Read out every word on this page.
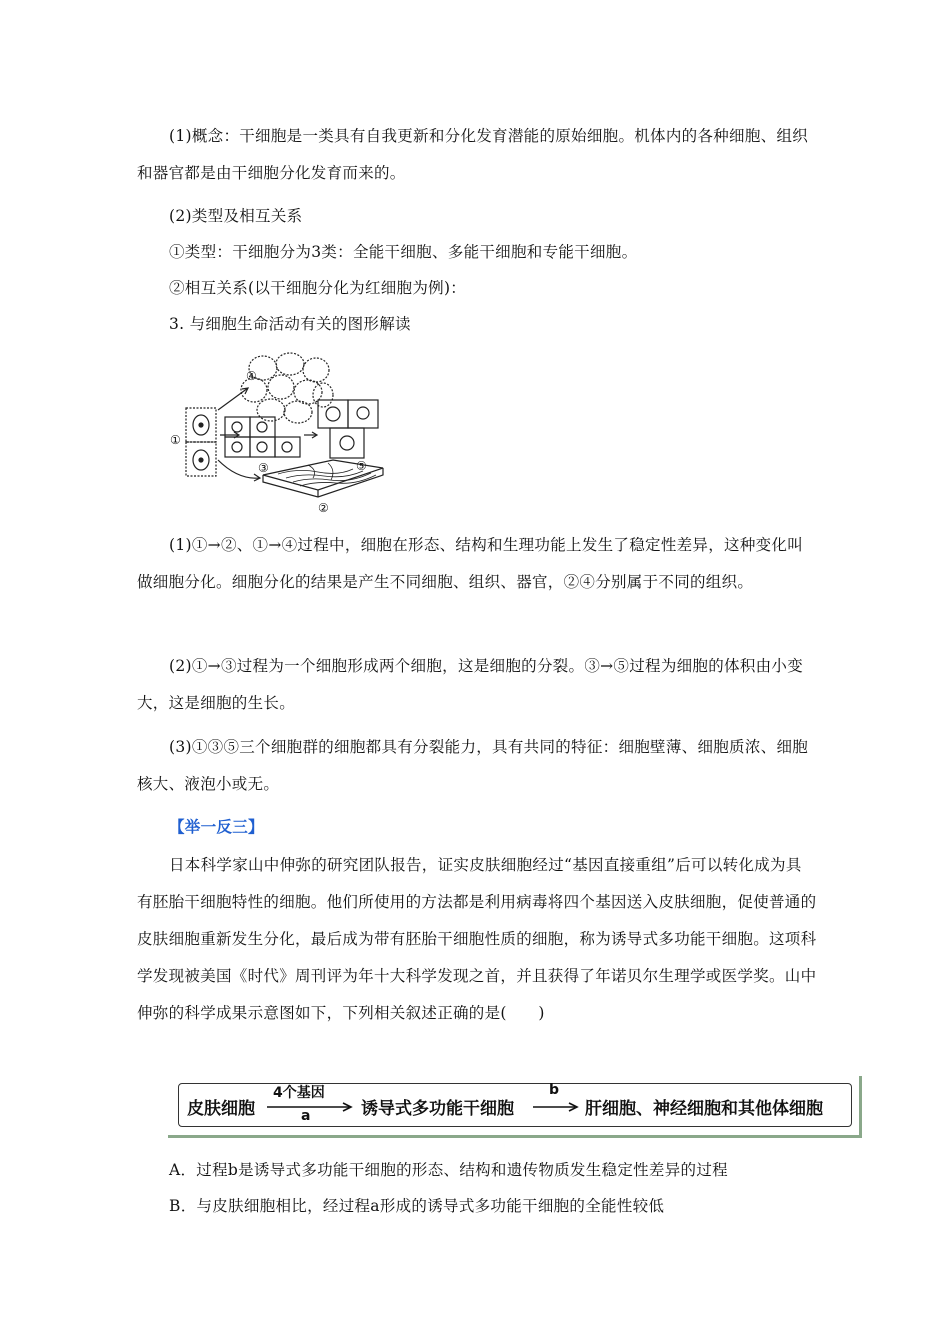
(1)概念：干细胞是一类具有自我更新和分化发育潜能的原始细胞。机体内的各种细胞、组织和器官都是由干细胞分化发育而来的。

(2)类型及相互关系

①类型：干细胞分为3类：全能干细胞、多能干细胞和专能干细胞。

②相互关系(以干细胞分化为红细胞为例)：

3. 与细胞生命活动有关的图形解读

①
②
③
④
⑤

(1)①→②、①→④过程中，细胞在形态、结构和生理功能上发生了稳定性差异，这种变化叫做细胞分化。细胞分化的结果是产生不同细胞、组织、器官，②④分别属于不同的组织。

(2)①→③过程为一个细胞形成两个细胞，这是细胞的分裂。③→⑤过程为细胞的体积由小变大，这是细胞的生长。

(3)①③⑤三个细胞群的细胞都具有分裂能力，具有共同的特征：细胞壁薄、细胞质浓、细胞核大、液泡小或无。

【举一反三】

日本科学家山中伸弥的研究团队报告，证实皮肤细胞经过“基因直接重组”后可以转化成为具有胚胎干细胞特性的细胞。他们所使用的方法都是利用病毒将四个基因送入皮肤细胞，促使普通的皮肤细胞重新发生分化，最后成为带有胚胎干细胞性质的细胞，称为诱导式多功能干细胞。这项科学发现被美国《时代》周刊评为年十大科学发现之首，并且获得了年诺贝尔生理学或医学奖。山中伸弥的科学成果示意图如下，下列相关叙述正确的是(　　)

皮肤细胞
4个基因
a	诱导式多功能干细胞
b
肝细胞、神经细胞和其他体细胞

A．过程b是诱导式多功能干细胞的形态、结构和遗传物质发生稳定性差异的过程

B．与皮肤细胞相比，经过程a形成的诱导式多功能干细胞的全能性较低
